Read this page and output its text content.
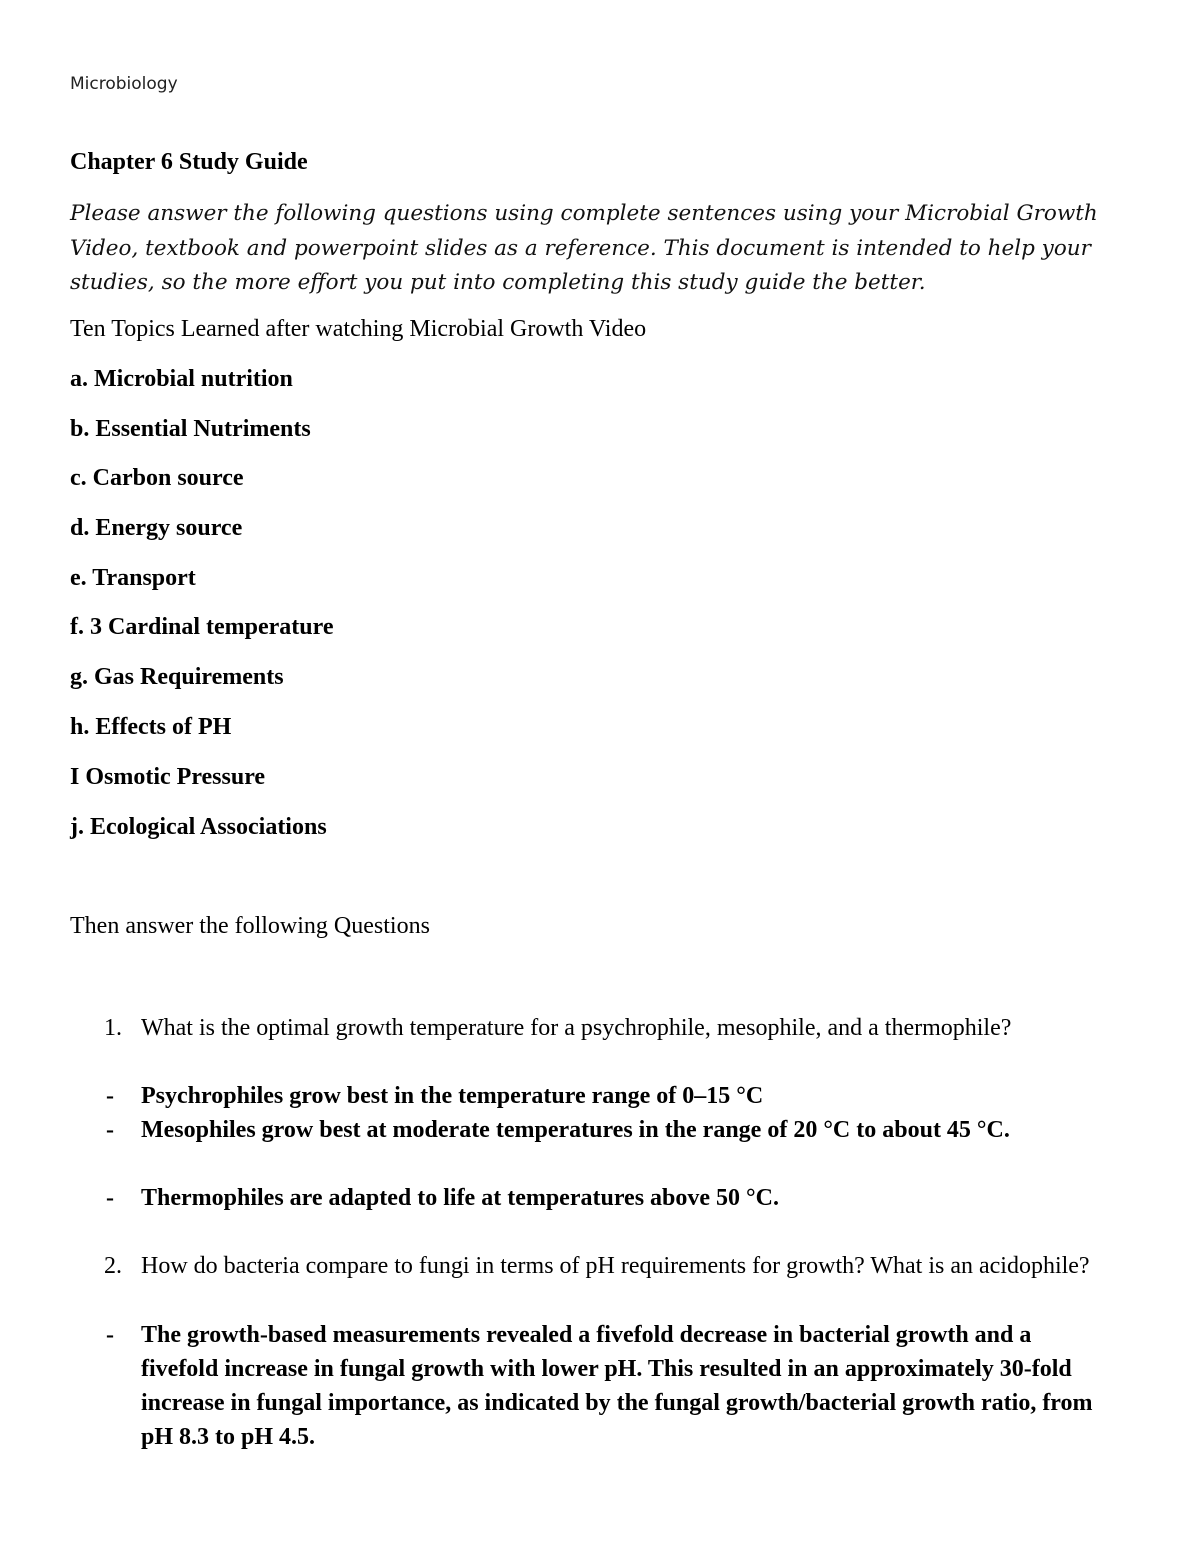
Microbiology
Chapter 6 Study Guide
Please answer the following questions using complete sentences using your Microbial Growth Video, textbook and powerpoint slides as a reference. This document is intended to help your studies, so the more effort you put into completing this study guide the better.
Ten Topics Learned after watching Microbial Growth Video
a. Microbial nutrition
b. Essential Nutriments
c. Carbon source
d. Energy source
e. Transport
f. 3 Cardinal temperature
g. Gas Requirements
h. Effects of PH
I Osmotic Pressure
j. Ecological Associations
Then answer the following Questions
1. What is the optimal growth temperature for a psychrophile, mesophile, and a thermophile?
- Psychrophiles grow best in the temperature range of 0–15 °C
- Mesophiles grow best at moderate temperatures in the range of 20 °C to about 45 °C.
- Thermophiles are adapted to life at temperatures above 50 °C.
2. How do bacteria compare to fungi in terms of pH requirements for growth? What is an acidophile?
- The growth-based measurements revealed a fivefold decrease in bacterial growth and a fivefold increase in fungal growth with lower pH. This resulted in an approximately 30-fold increase in fungal importance, as indicated by the fungal growth/bacterial growth ratio, from pH 8.3 to pH 4.5.
